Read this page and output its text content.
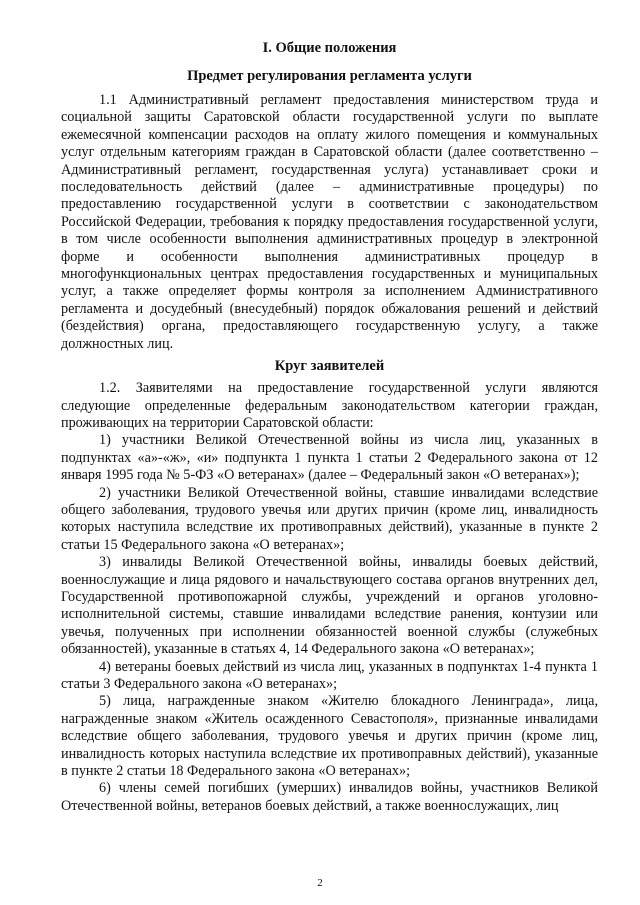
I. Общие положения
Предмет регулирования регламента услуги

1.1 Административный регламент предоставления министерством труда и социальной защиты Саратовской области государственной услуги по выплате ежемесячной компенсации расходов на оплату жилого помещения и коммунальных услуг отдельным категориям граждан в Саратовской области (далее соответственно – Административный регламент, государственная услуга) устанавливает сроки и последовательность действий (далее – административные процедуры) по предоставлению государственной услуги в соответствии с законодательством Российской Федерации, требования к порядку предоставления государственной услуги, в том числе особенности выполнения административных процедур в электронной форме и особенности выполнения административных процедур в многофункциональных центрах предоставления государственных и муниципальных услуг, а также определяет формы контроля за исполнением Административного регламента и досудебный (внесудебный) порядок обжалования решений и действий (бездействия) органа, предоставляющего государственную услугу, а также должностных лиц.

Круг заявителей

1.2. Заявителями на предоставление государственной услуги являются следующие определенные федеральным законодательством категории граждан, проживающих на территории Саратовской области:

1) участники Великой Отечественной войны из числа лиц, указанных в подпунктах «а»-«ж», «и» подпункта 1 пункта 1 статьи 2 Федерального закона от 12 января 1995 года № 5-ФЗ «О ветеранах» (далее – Федеральный закон «О ветеранах»);

2) участники Великой Отечественной войны, ставшие инвалидами вследствие общего заболевания, трудового увечья или других причин (кроме лиц, инвалидность которых наступила вследствие их противоправных действий), указанные в пункте 2 статьи 15 Федерального закона «О ветеранах»;

3) инвалиды Великой Отечественной войны, инвалиды боевых действий, военнослужащие и лица рядового и начальствующего состава органов внутренних дел, Государственной противопожарной службы, учреждений и органов уголовно-исполнительной системы, ставшие инвалидами вследствие ранения, контузии или увечья, полученных при исполнении обязанностей военной службы (служебных обязанностей), указанные в статьях 4, 14 Федерального закона «О ветеранах»;

4) ветераны боевых действий из числа лиц, указанных в подпунктах 1-4 пункта 1 статьи 3 Федерального закона «О ветеранах»;

5) лица, награжденные знаком «Жителю блокадного Ленинграда», лица, награжденные знаком «Житель осажденного Севастополя», признанные инвалидами вследствие общего заболевания, трудового увечья и других причин (кроме лиц, инвалидность которых наступила вследствие их противоправных действий), указанные в пункте 2 статьи 18 Федерального закона «О ветеранах»;

6) члены семей погибших (умерших) инвалидов войны, участников Великой Отечественной войны, ветеранов боевых действий, а также военнослужащих, лиц

2
